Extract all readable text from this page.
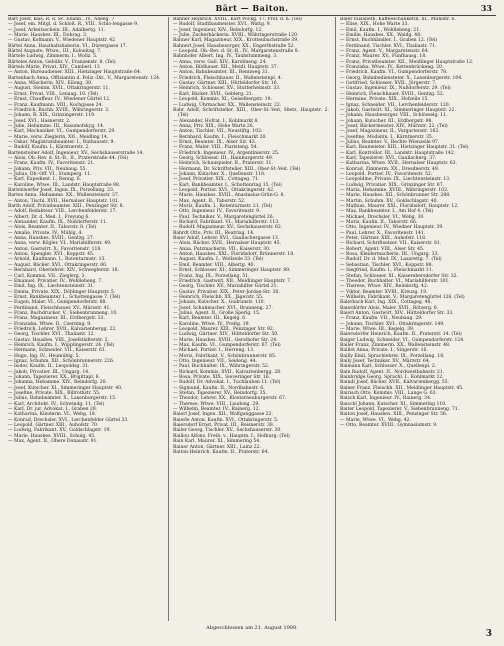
Bärt — Baiton.	33

Bärt Josef, kais. R. d. Sc. Ebanb., IV., Alleeg. 7

— Josef, em. Mitgl. d. Schloß. R., VIII., Schlo-lengasse 9.

— Josef, Arbeitsschein. III., Adalbertg. 11.

— Marie, Hausbes. III., Dobrag. 3.

— Gustav, Kofmann. V., Wiedener Hauptstr. 42

Bärtel Anna, Haushaltshaberin. VI., Dürergasse 17.

Bärtel Auguste, Wtwe., III., Kolonitzg. 7.

Bärtele Ludwig, Zimmerm. I., Wollz. 5.

Bärteles Anton, Gebühr. V., Franzenstr. 8. (Tel)

Bärtels Marie, Privat, XIV., Cumberl. 13

— Anton, Bureaudiener. XIII., Hietzinger Hauptstraße 64.

Bartenbach Anna, Offiziantin d. Poliz.-Dir., V., Margaretenstr. 124.

— Anna, Wäscherin. XIV., Eilong. 30.

— August, Steinm. XVII., Ottakringerstr. 11.

— Ernst, Privat. VIII., Lenaug. 10. (Tel)

— Ernst, Chauffeur. IV., Wiedener Gürtel 12.

— Franz, Kaufmann. VIII., Kochgasse 24.

— Friedrich, Buchh. XVIII., Währingerstr. 3.

— Johann, R. XIX., Grinzingerstr. 119.

— Josef, XVI., Hasnerstr. 2.

— Julie, Hebamme. III., Rasumofskyg. 14.

— Karl, Mechaniker. VI., Gumpendorferstr. 29.

— Marie, verw. Zieglerin, XII., Meidling 14.

— Oskar, Magistratsbeamter. I., Rathausstr. 9.

— Rudolf, Kaufm. I., Kärntnerstr. 2.

Bartensteiner Adolf, Ingenieur, XV., Sechshauserstraße 14.

— Alois, Ob.-Rev. d. St.-B., II., Praterstraße 44. (Tel)

— Franz, Kaufm. IV., Favoritenstr. 21.

— Johann, Priv. VII., Neubaug. 55.

— Julius, Ob.-Off. VI., Stumperg. 11.

— Karl, Expedient. I., Renng. 6.

— Karoline, Wtwe. III., Landstr. Hauptstraße 88.

Bartenwerfer Josef, Ingen. IX., Porzellang. 23.

Bartes Anna, Hebamme. XX., Wallensteinstr. 37.

— Anton, Tischl. XVII., Hernalser Hauptstr. 101.

Barth Adolf, Privatbeamter. XIII., Penzinger Str. 8.

— Adolf, Redakteur. VIII., Lerchenfelderstr. 17.

— Albert, Dr. d. Med. I., Freyung 6.

— Alexander, Kaufm. IX., Nußdorferstr. 11.

— Alois, Beamter. II., Taborstr. 8. (Tel)

— Amalie, Private. IV., Mühlg. 4.

— Anna, Hausbes. XVIII., Gentzg. 27.

— Anna, verw. Kögler. VI., Mariahilferstr. 49.

— Anton, Gastwirt. X., Favoritenstr. 118.

— Anton, Spengler. XVI., Koppstr. 45.

— Arnold, Kaufmann. I., Rotenturmstr. 13.

— August, Bäcker. XVI., Ottakringerstr. 60.

— Bernhard, Oberlehrer. XIV., Schweglerstr. 18.

— Carl, Kommis. VII., Zieglerg. 3.

— Emanuel, Privatier. IV., Wohllebeng. 7.

— Emil, Ing. IX., Liechtensteinstr. 31.

— Emma, Private. XIX., Döblinger Hauptstr. 5.

— Ernst, Bankbeamter. I., Schottengasse 7. (Tel)

— Eugen, Maler. VI., Gumpendorferstr. 88.

— Ferdinand, Fleischhauer. XV., Märzstr. 41.

— Franz, Buchdrucker. V., Siebenbrunneng. 10.

— Franz, Magazineur. III., Erdbergstr. 33.

— Franziska, Wtwe. II., Czerning. 9.

— Friedrich, Lehrer. XVII., Kalvarienbergg. 22.

— Georg, Tischler. XVI., Thaliastr. 12.

— Gustav, Hausbes. VIII., Josefstädterstr. 2.

— Heinrich, Kaufm. I., Wipplingerstr. 24. (Tel)

— Hermann, Schneider. VII., Kaiserstr. 61.

— Hugo, Ing. IV., Heumühlg. 5.

— Ignaz, Schuhm. XII., Schönbrunnerstr. 226.

— Isidor, Kaufm. II., Leopoldsg. 31.

— Jakob, Privatier. III., Ungarg. 14.

— Johann, Tapezierer. XX., Brigittapl. 6.

— Johanna, Hebamme. XIV., Reindorfg. 20.

— Josef, Kutscher. XI., Simmeringer Hauptstr. 40.

— Josefine, Private. XIX., Billrothstr. 55.

— Julius, Bahnbeamter. X., Laxenburgerstr. 15.

— Karl, Architekt. IV., Schwindg. 11. (Tel)

— Karl, Dr. jur. Advokat. I., Graben 28.

— Katharina, Kleiderm. VI., Webg. 18.

— Konrad, Drechsler. XVI., Lerchenfelder Gürtel 33.

— Leopold, Gärtner. XIII., Auhofstr. 70.

— Ludwig, Fabrikant. XV., Goldschlagstr. 19.

— Marie, Hausbes. XVIII., Schulg. 45.

— Max, Agent. II., Obere Donaustr. 91.

Bahner Heinrich, XVIII., Kurt Pockg. 17, Prof. d. h. (Tel)

— Rudolf, Stadtbaumeister. XVI., Wattg. 9.

— Josef, Ingenieur, XIV., Reindorfg. 12.

— Julie, Zuckerbäckerin. XVIII., Währingerstraße 120.

Bahner Karl, Magazineur. XIX., Krottenbachstraße 39.

Bahnert Josef, Hausbesorger, XX., Engerthstraße 52.

— Leopold, Ob.-Rev. d. St.-B., IV., Margaretenstraße 8.

Bahnhofer Albert, Ing. IV., Taubstummeng. 3.

— Anna, verw. Gall. XIV., Karolineng. 24.

— Anton, Bildhauer. XII., Meidl. Hauptstr. 37.

— Anton, Bahnbeamter, III., Rennweg 31.

— Friedrich, Fleischhauer. II., Wallensteinpl. 4.

— Gustav, Gärtner. XIII., Hütteldorfer Str. 16.

— Heinrich, Schlosser. XV., Stutterheimstr. 33.

— Karl, Bäcker. XVII., Geblerg. 21.

— Leopold, Kommis. XI., Geiselbergstr. 19.

— Ludwig, Uhrmacher. XX., Wallensteinstr. 22.

Bahr Adolf, Schriftsteller. XIII., Ober-St.-Veit, Hietz. Hauptstr. 2. (Tel)

— Alexander, Hofrat. I., Kohlmarkt 8.

— Anna, Priv. XIX., Hohe Warte 26.

— Anton, Tischler. VII., Neustiftg. 102.

— Bernhard, Kaufm. I., Fleischmarkt 20.

— Ernst, Beamter. IX., Alser Str. 43.

— Franz, Maler. VIII., Piaristeng. 54.

— Friedrich, Ingenieur. IV., Argentinierstr. 25.

— Georg, Schlosser. III., Hainburgerstr. 49.

— Heinrich, Schauspieler. II., Praterstr. 31.

— Hermann, Dr. Schriftsteller. XIII., Ober-St.-Veit. (Tel)

— Johann, Kutscher. X., Quellenstr. 118.

— Josef, Privatier. XIX., Cottageg. 71.

— Karl, Bankbeamter. I., Schottenring 15. (Tel)

— Leopold, Portier. XVI., Ottakringerstr. 42.

— Marie, Hausbes. XVIII., Anastasius-Grün-G. 8.

— Max, Agent. II., Taborstr. 52.

— Moriz, Kaufm. I., Rotenturmstr. 21. (Tel)

— Otto, Ingenieur. IV., Favoritenstr. 9.

— Paul, Techniker. V., Margaretengürtel 36.

— Richard, Fabrikant. VI., Mariahilferstr. 113.

— Rudolf, Magazineur. XV., Sechshauserstr. 62.

Bahrdt Otto, Priv. III., Beatrixg. 14.

Baier Adolf, Lehrer. XVI., Gaullachergasse 13.

— Alois, Bäcker. XVII., Hernalser Hauptstr. 45.

— Anna, Putzmacherin. VII., Kaiserstr. 30.

— Anton, Hausbes. XXI., Floridsdorf, Brünnerstr. 18.

— August, Kaufm. I., Wollzeile 33. (Tel)

— Emil, Beamter. VIII., Albertg. 40.

— Ernst, Schlosser. XI., Simmeringer Hauptstr. 89.

— Franz, Ing. IX., Porzellang. 51.

— Friedrich, Gastwirt. XII., Meidlinger Hauptstr. 7.

— Georg, Tischler. XV., Mariahilfer Gürtel 21.

— Gustav, Privatier. XIX., Peter-Jordan-Str. 30.

— Heinrich, Fleischh. XX., Jägerstr. 55.

— Johann, Kutscher. X., Gudrunstr. 110.

— Josef, Schuhmacher. XVI., Brunneng. 27.

— Julius, Agent. II., Große Sperlg. 15.

— Karl, Beamter. III., Kegelg. 6.

— Karoline, Wtwe. IV., Preßg. 19.

— Leopold, Maurer. XIII., Penzinger Str. 92.

— Ludwig, Gärtner. XIV., Hütteldorfer Str. 50.

— Marie, Hausbes. XVIII., Gersthofer Str. 24.

— Max, Kaufm. VI., Gumpendorferstr. 67. (Tel)

— Michael, Portier. I., Herreng. 13.

— Moriz, Fabrikant. V., Schönbrunnerstr. 85.

— Otto, Ingenieur. VII., Seideng. 44.

— Paul, Buchhalter. IX., Währingerstr. 52.

— Richard, Kommis. XVII., Kalvarienbergg. 28.

— Rosa, Private. XIX., Sieveringer Str. 16.

— Rudolf, Dr. Advokat. I., Tuchlauben 11. (Tel)

— Sigmund, Kaufm. II., Nordbahnstr. 6.

— Stefan, Tapezierer. XV., Reindorfg. 35.

— Theodor, Lehrer. XX., Klosterneuburgerstr. 67.

— Therese, Wtwe. VIII., Laudong. 29.

— Wilhelm, Beamter. IV., Rainerg. 12.

Baierl Josef, Ingen. XII., Wolfganggasse 22.

Baierle Anton, Kaufm. XVI., Ottakringerstr. 5.

Baiersdorf Ernst, Privat. III., Reisnerstr. 38.

Bailer Georg, Tischler. XV., Sechshauserstr. 30.

Baillou Alfons, Freih. v., Hauptm. I., Hofburg. (Tel)

Bain Karl, Maurer. XI., Simmering 54.

Bainer Anton, Gärtner. XIII., Lainz 22.

Baiton Heinrich, Kaufm. II., Praterstr. 64.

Baier Elisabeth, Kaffeeschänkerin. XI., Mühlstr. 6.

— Elise, XIX., Hohe Warte 33.

— Emil, Kaufm. I., Wohllebeng. 21.

— Emilie, Hausbes. XX., Waldg. 48.

— Ernst, Buchhändler. I., Graben 12. (Tel)

— Ferdinand, Tischler. XVI., Thaliastr. 71.

— Franz, Agent. V., Margaretenstr. 64.

— Franz, Maurer. XV., Fünfhausg. 18.

— Franz, Privatbeamter. XII., Meidlinger Hauptstraße 12.

— Franziska, Wtwe. IV., Kettenbrückeng. 20.

— Friedrich, Kaufm. VI., Gumpendorferstr. 78.

— Georg, Bahnbediensteter. X., Laxenburgerstr. 104.

— Gottfried, Schlosser. XVII., Jörgerstr. 7.

— Gustav, Ingenieur. IX., Nußdorferstr. 29. (Tel)

— Heinrich, Fleischhauer. XVIII., Gentzg. 52.

— Hermine, Private. XIX., Hofzeile 15.

— Ignaz, Schneider. VII., Lerchenfelderstr. 120.

— Jakob, Gastwirt. XI., Simmeringer Hauptstr. 22.

— Johann, Hausbesorger. VIII., Schlösselg. 11.

— Johann, Kutscher. III., Erdbergstr. 98.

— Josef, Bäckermeister. XIV., Märzstr. 22. (Tel)

— Josef, Magazineur. II., Vorgartenstr. 163.

— Josefine, Modistin. I., Kärntnerstr. 35.

— Julius, Beamter. V., Rechte Wienzeile 97.

— Karl, Baumeister. XIII., Hietzinger Hauptstr. 31. (Tel)

— Karl, Kontrollor. III., Landstr. Hauptstraße 142.

— Karl, Tapezierer. XVI., Gaullacherg. 37.

— Katharina, Wtwe. XVII., Hernalser Hauptstr. 63.

— Konrad, Zimmerm. XX., Dresdnerstr. 49.

— Leopold, Portier. IV., Favoritenstr. 52.

— Leopoldine, Private. IX., Liechtensteinstr. 13.

— Ludwig, Privatier. XIX., Grinzinger Str. 87.

— Maria, Hebamme. XVIII., Währingerstr. 102.

— Marie, Hausbes. XII., Schönbrunner Str. 288.

— Martin, Schuhm. XV., Goldschlagstr. 40.

— Mathias, Maurer. XXI., Floridsdorf, Hauptstr. 12.

— Max, Bankbeamter. I., Am Hof 4. (Tel)

— Michael, Drechsler. VI., Webg. 30.

— Moriz, Kaufm. II., Taborstr. 66.

— Otto, Ingenieur. IV., Wiedner Hauptstr. 39.

— Paul, Lehrer. X., Favoritenstr. 141.

— Peter, Gärtner. XIII., Auhofstr. 118.

— Richard, Schriftsetzer. VII., Kaiserstr. 81.

— Robert, Agent. VIII., Alser Str. 45.

— Rosa, Kleidermacherin. III., Ungarg. 33.

— Rudolf, Dr. d. Med. IX., Lazarettg. 7. (Tel)

— Sebastian, Tischler. XVI., Koppstr. 88.

— Siegfried, Kaufm. I., Fleischmarkt 11.

— Stefan, Schlosser. XI., Kaiserebersdorfer Str. 32.

— Theodor, Buchhalter. VI., Mariahilferstr. 101.

— Therese, Wtwe. XIV., Reindorfg. 42.

— Viktor, Beamter. XVIII., Kreuzg. 19.

— Wilhelm, Fabrikant. V., Margaretengürtel 126. (Tel)

Baierbach Karl, Ing. XIX., Cottageg. 48.

Baierdörfer Alois, Maler. XVII., Rötzerg. 6.

Baierl Anton, Gastwirt. XIV., Hütteldorfer Str. 33.

— Franz, Kaufm. VII., Neubaug. 29.

— Johann, Tischler. XVI., Ottakringerstr. 149.

— Marie, Wtwe. III., Kegelg. 39.

Baiersdorfer Heinrich, Kaufm. II., Praterstr. 14. (Tel)

Baiger Ludwig, Schneider. VI., Gumpendorferstr. 124.

Bailer Franz, Zimmerm. XX., Wallensteinstr. 48.

Baillet Anna, Private. I., Singerstr. 16.

Bailly Emil, Sprachlehrer. IX., Porzellang. 18.

Baily Josef, Techniker. XV., Märzstr. 64.

Baimann Karl, Schlosser. X., Quellenpl. 2.

Bain Rudolf, Agent. II., Nordwestbahnstr. 21.

Bainbridge Georg, Sprachl. I., Kohlmarkt 12.

Baindl Josef, Bäcker. XVII., Kalvarienbergg. 55.

Bainer Franz, Fleischh. XII., Meidlinger Hauptstr. 45.

Bairisch Otto, Kommis. VIII., Lange G. 63.

Baisch Karl, Ingenieur. IV., Rainerg. 34.

Baischl Johann, Kutscher. XI., Simmering 110.

Baiter Leopold, Tapezierer. V., Siebenbrunneng. 71.

Baiton Josef, Hausbes. XIII., Penzinger Str. 56.

— Marie, Wtwe. VI., Webg. 42.

— Otto, Beamter. XVIII., Gymnasiumstr. 9.

Abgeschlossen am 21. August 1908.
3
